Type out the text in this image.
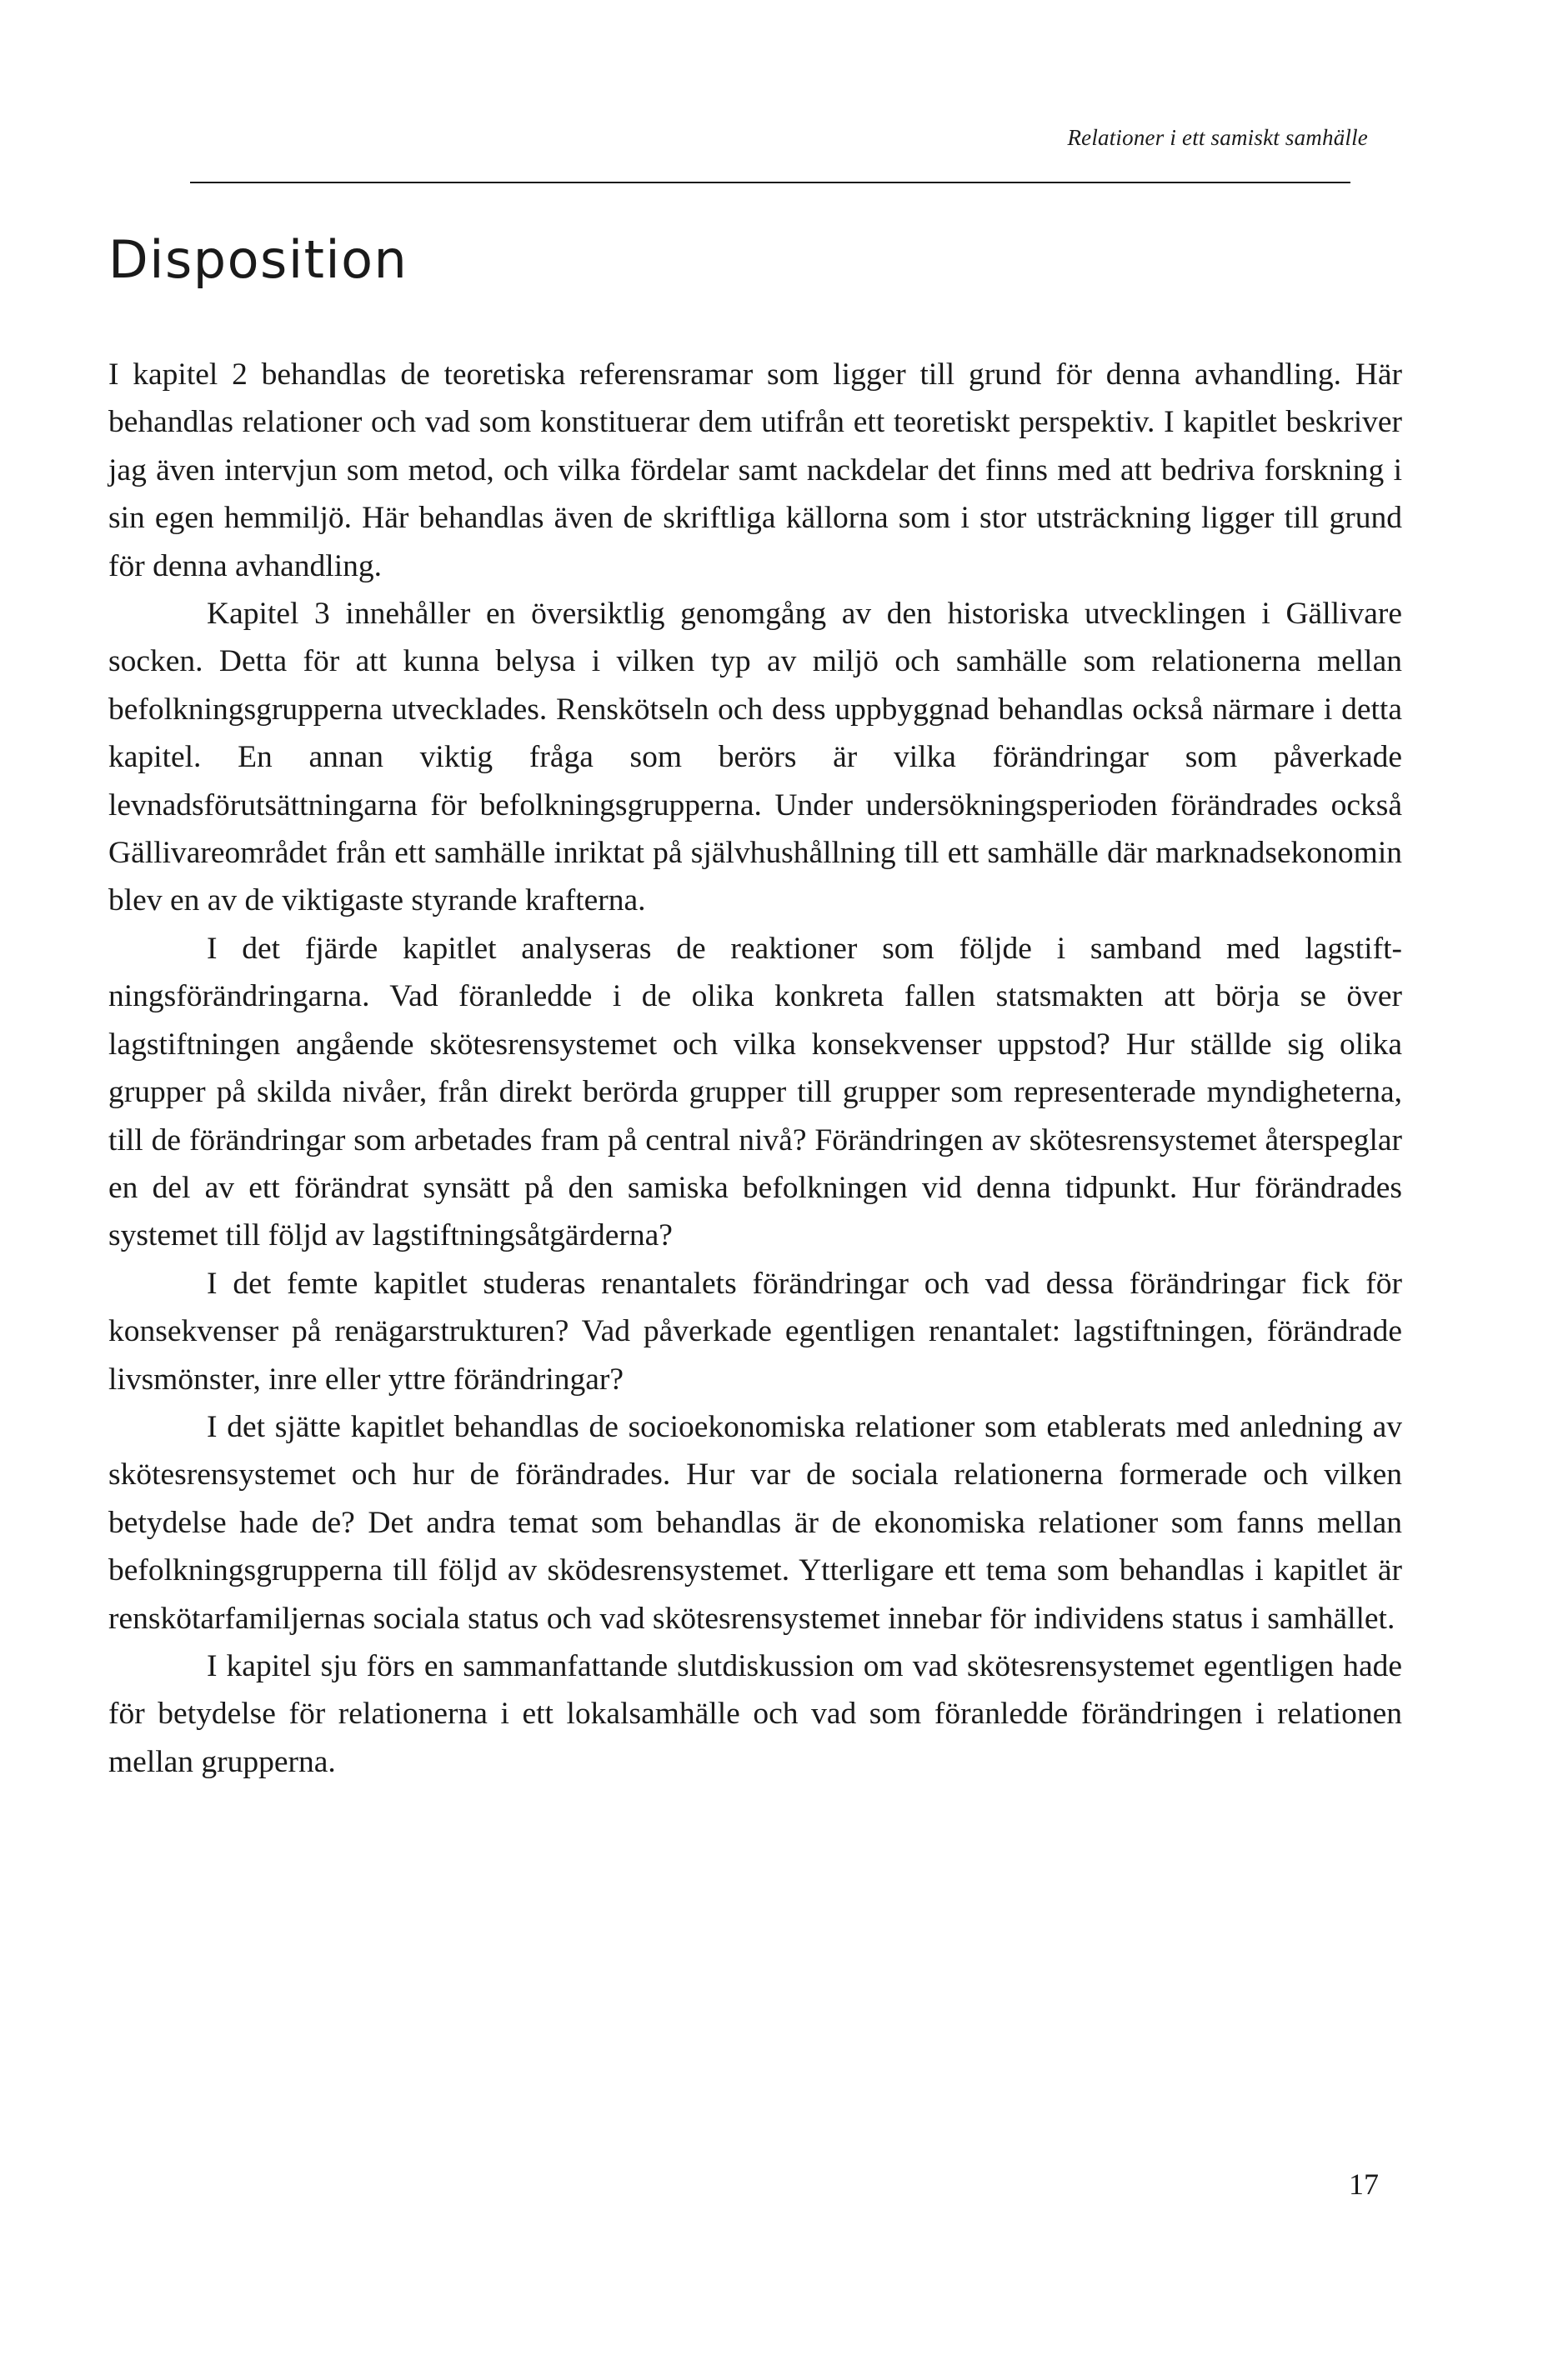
Relationer i ett samiskt samhälle
Disposition

I kapitel 2 behandlas de teoretiska referensramar som ligger till grund för denna avhandling. Här behandlas relationer och vad som konstituerar dem utifrån ett teoretiskt perspektiv. I kapitlet beskriver jag även intervjun som metod, och vilka fördelar samt nackdelar det finns med att bedriva forskning i sin egen hemmiljö. Här behandlas även de skriftliga källorna som i stor utsträckning ligger till grund för denna avhandling.

Kapitel 3 innehåller en översiktlig genomgång av den historiska utvecklingen i Gällivare socken. Detta för att kunna belysa i vilken typ av miljö och samhälle som relationerna mellan befolkningsgrupperna utvecklades. Renskötseln och dess uppbyggnad behandlas också närmare i detta kapitel. En annan viktig fråga som berörs är vilka förändringar som påverkade levnadsförutsättningarna för befolkningsgrupperna. Under undersökningsperioden förändrades också Gällivareområdet från ett samhälle inriktat på självhushållning till ett samhälle där marknadsekonomin blev en av de viktigaste styrande krafterna.

I det fjärde kapitlet analyseras de reaktioner som följde i samband med lagstiftningsförändringarna. Vad föranledde i de olika konkreta fallen statsmakten att börja se över lagstiftningen angående skötesrensystemet och vilka konsekvenser uppstod? Hur ställde sig olika grupper på skilda nivåer, från direkt berörda grupper till grupper som representerade myndigheterna, till de förändringar som arbetades fram på central nivå? Förändringen av skötesrensystemet återspeglar en del av ett förändrat synsätt på den samiska befolkningen vid denna tidpunkt. Hur förändrades systemet till följd av lagstiftningsåtgärderna?

I det femte kapitlet studeras renantalets förändringar och vad dessa förändringar fick för konsekvenser på renägarstrukturen? Vad påverkade egentligen renantalet: lagstiftningen, förändrade livsmönster, inre eller yttre förändringar?

I det sjätte kapitlet behandlas de socioekonomiska relationer som etablerats med anledning av skötesrensystemet och hur de förändrades. Hur var de sociala relationerna formerade och vilken betydelse hade de? Det andra temat som behandlas är de ekonomiska relationer som fanns mellan befolkningsgrupperna till följd av sködesrensystemet. Ytterligare ett tema som behandlas i kapitlet är renskötarfamiljernas sociala status och vad skötesrensystemet innebar för individens status i samhället.

I kapitel sju förs en sammanfattande slutdiskussion om vad skötesrensystemet egentligen hade för betydelse för relationerna i ett lokalsamhälle och vad som föranledde förändringen i relationen mellan grupperna.

17
